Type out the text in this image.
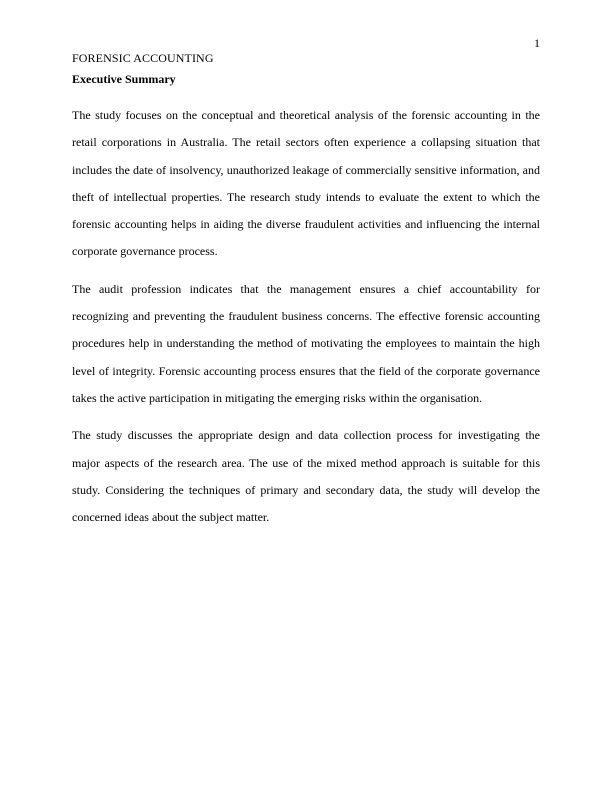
1
FORENSIC ACCOUNTING
Executive Summary

The study focuses on the conceptual and theoretical analysis of the forensic accounting in the retail corporations in Australia. The retail sectors often experience a collapsing situation that includes the date of insolvency, unauthorized leakage of commercially sensitive information, and theft of intellectual properties. The research study intends to evaluate the extent to which the forensic accounting helps in aiding the diverse fraudulent activities and influencing the internal corporate governance process.

The audit profession indicates that the management ensures a chief accountability for recognizing and preventing the fraudulent business concerns. The effective forensic accounting procedures help in understanding the method of motivating the employees to maintain the high level of integrity. Forensic accounting process ensures that the field of the corporate governance takes the active participation in mitigating the emerging risks within the organisation.

The study discusses the appropriate design and data collection process for investigating the major aspects of the research area. The use of the mixed method approach is suitable for this study. Considering the techniques of primary and secondary data, the study will develop the concerned ideas about the subject matter.
